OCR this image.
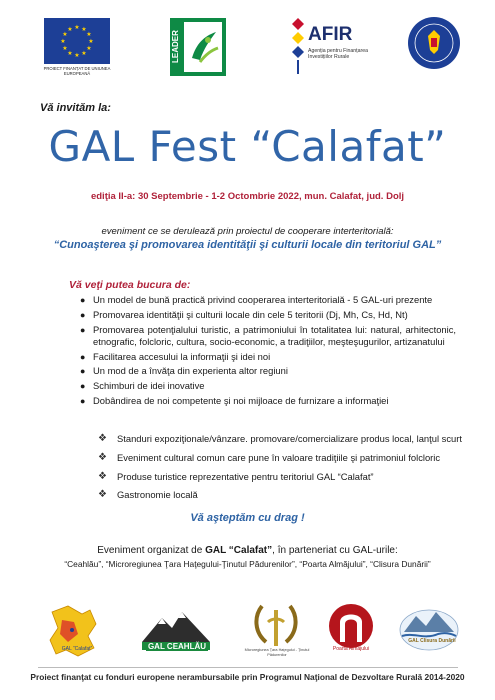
★ ★
★
★
★
★
★
★
★
★
★
★
PROIECT FINANȚAT DE UNIUNEA EUROPEANĂ
LEADER	AFIR
Agenția pentru Finanțarea Investițiilor Rurale
Vă invităm la:
GAL Fest “Calafat”
ediţia II-a: 30 Septembrie - 1-2 Octombrie 2022, mun. Calafat, jud. Dolj
eveniment ce se derulează prin proiectul de cooperare interteritorială:
“Cunoaşterea şi promovarea identităţii şi culturii locale din teritoriul GAL”
Vă veţi putea bucura de:
● Un model de bună practică privind cooperarea interteritorială - 5 GAL-uri prezente
● Promovarea identităţii şi culturii locale din cele 5 teritorii (Dj, Mh, Cs, Hd, Nt)
● Promovarea potenţialului turistic, a patrimoniului în totalitatea lui: natural, arhitectonic, etnografic, folcloric, cultura, socio-economic, a tradiţiilor, meşteşugurilor, artizanatului
● Facilitarea accesului la informaţii şi idei noi
● Un mod de a învăţa din experienta altor regiuni
● Schimburi de idei inovative
● Dobândirea de noi competente şi noi mijloace de furnizare a informaţiei
❖ Standuri expoziţionale/vânzare. promovare/comercializare produs local, lanţul scurt
❖ Eveniment cultural comun care pune în valoare tradiţiile şi patrimoniul folcloric
❖ Produse turistice reprezentative pentru teritoriul GAL “Calafat”
❖ Gastronomie locală
Vă aşteptăm cu drag !
Eveniment organizat de GAL “Calafat”, în parteneriat cu GAL-urile:
“Ceahlău”, “Microregiunea Ţara Haţegului-Ţinutul Pădurenilor”, “Poarta Almăjului”, “Clisura Dunării”
GAL “Calafat”	GAL CEAHLĂU	Microregiunea Ţara Haţegului - Ţinutul Pădurenilor
Poarta Almăjului
GAL Clisura Dunării
Proiect finanţat cu fonduri europene nerambursabile prin Programul Naţional de Dezvoltare Rurală 2014-2020
